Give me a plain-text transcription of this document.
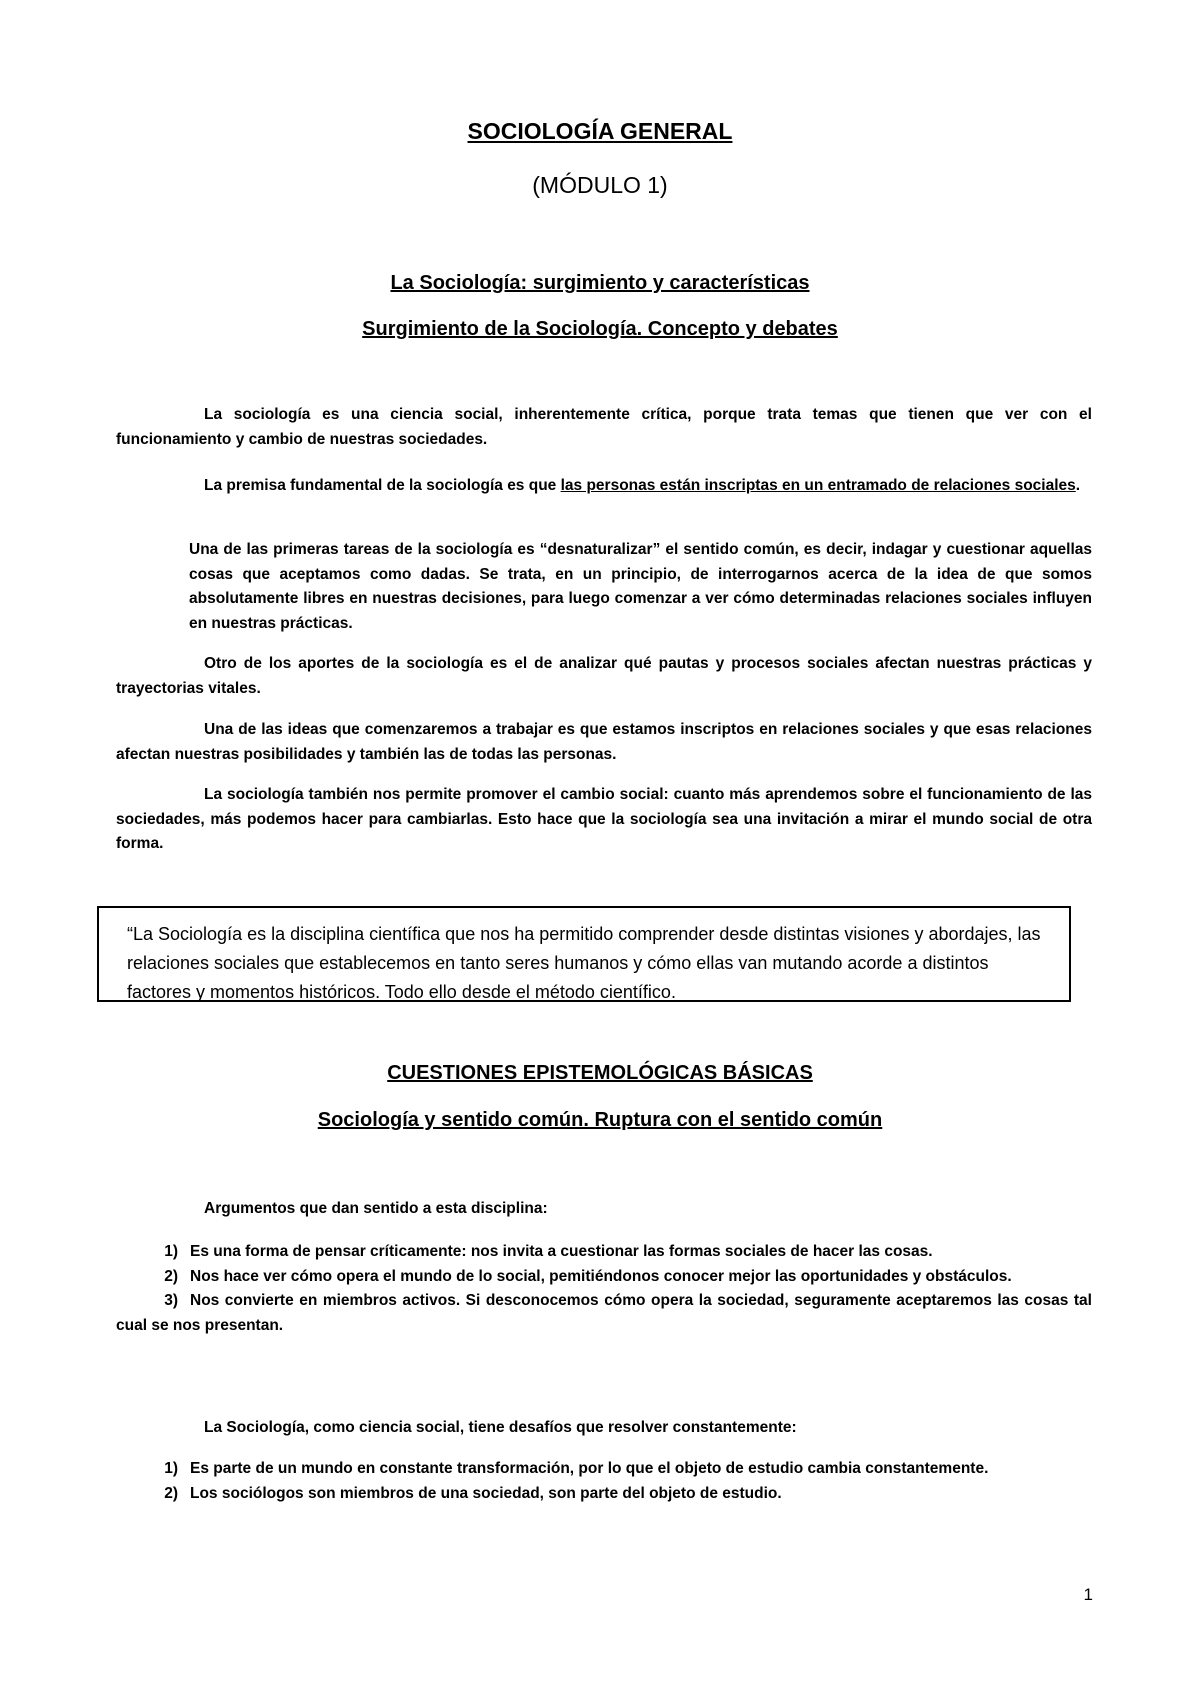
SOCIOLOGÍA GENERAL

(MÓDULO 1)

La Sociología: surgimiento y características
Surgimiento de la Sociología. Concepto y debates

La sociología es una ciencia social, inherentemente crítica, porque trata temas que tienen que ver con el funcionamiento y cambio de nuestras sociedades.

La premisa fundamental de la sociología es que las personas están inscriptas en un entramado de relaciones sociales.

Una de las primeras tareas de la sociología es “desnaturalizar” el sentido común, es decir, indagar y cuestionar aquellas cosas que aceptamos como dadas. Se trata, en un principio, de interrogarnos acerca de la idea de que somos absolutamente libres en nuestras decisiones, para luego comenzar a ver cómo determinadas relaciones sociales influyen en nuestras prácticas.

Otro de los aportes de la sociología es el de analizar qué pautas y procesos sociales afectan nuestras prácticas y trayectorias vitales.

Una de las ideas que comenzaremos a trabajar es que estamos inscriptos en relaciones sociales y que esas relaciones afectan nuestras posibilidades y también las de todas las personas.

La sociología también nos permite promover el cambio social: cuanto más aprendemos sobre el funcionamiento de las sociedades, más podemos hacer para cambiarlas. Esto hace que la sociología sea una invitación a mirar el mundo social de otra forma.

“La Sociología es la disciplina científica que nos ha permitido comprender desde distintas visiones y abordajes, las relaciones sociales que establecemos en tanto seres humanos y cómo ellas van mutando acorde a distintos factores y momentos históricos. Todo ello desde el método científico.

CUESTIONES EPISTEMOLÓGICAS BÁSICAS
Sociología y sentido común. Ruptura con el sentido común

Argumentos que dan sentido a esta disciplina:

1) Es una forma de pensar críticamente: nos invita a cuestionar las formas sociales de hacer las cosas.
2) Nos hace ver cómo opera el mundo de lo social, pemitiéndonos conocer mejor las oportunidades y obstáculos.
3) Nos convierte en miembros activos. Si desconocemos cómo opera la sociedad, seguramente aceptaremos las cosas tal cual se nos presentan.

La Sociología, como ciencia social, tiene desafíos que resolver constantemente:

1) Es parte de un mundo en constante transformación, por lo que el objeto de estudio cambia constantemente.
2) Los sociólogos son miembros de una sociedad, son parte del objeto de estudio.

1
